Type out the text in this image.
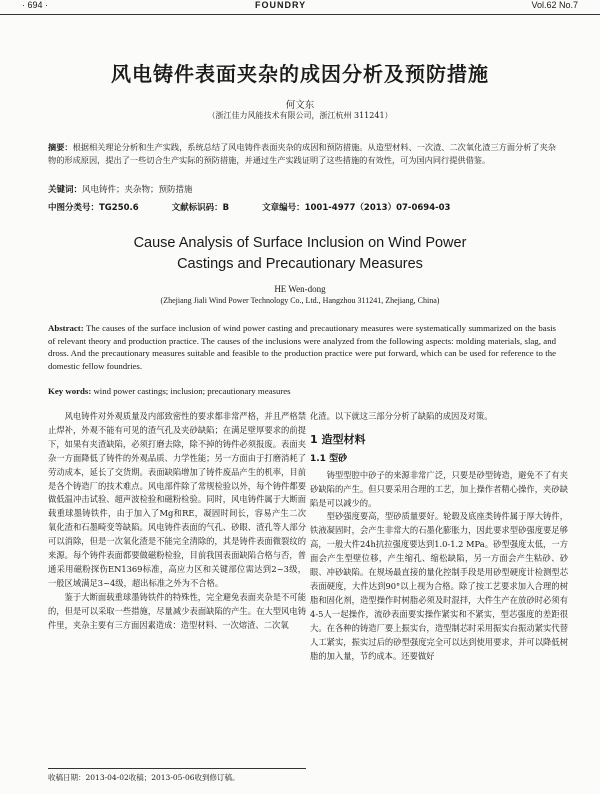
· 694 ·	FOUNDRY	Vol.62 No.7
风电铸件表面夹杂的成因分析及预防措施
何文东
（浙江佳力风能技术有限公司，浙江杭州 311241）
摘要：根据相关理论分析和生产实践，系统总结了风电铸件表面夹杂的成因和预防措施。从造型材料、一次渣、二次氧化渣三方面分析了夹杂物的形成原因，提出了一些切合生产实际的预防措施，并通过生产实践证明了这些措施的有效性，可为国内同行提供借鉴。
关键词：风电铸件；夹杂物；预防措施
中图分类号：TG250.6	文献标识码：B	文章编号：1001-4977（2013）07-0694-03
Cause Analysis of Surface Inclusion on Wind Power
Castings and Precautionary Measures
HE Wen-dong
(Zhejiang Jiali Wind Power Technology Co., Ltd., Hangzhou 311241, Zhejiang, China)
Abstract: The causes of the surface inclusion of wind power casting and precautionary measures were systematically summarized on the basis of relevant theory and production practice. The causes of the inclusions were analyzed from the following aspects: molding materials, slag, and dross. And the precautionary measures suitable and feasible to the production practice were put forward, which can be used for reference to the domestic fellow foundries.
Key words: wind power castings; inclusion; precautionary measures

风电铸件对外观质量及内部致密性的要求都非常严格，并且严格禁止焊补，外观不能有可见的渣气孔及夹砂缺陷；在满足壁厚要求的前提下，如果有夹渣缺陷，必须打磨去除，除不掉的铸件必须报废。表面夹杂一方面降低了铸件的外观品质、力学性能；另一方面由于打磨消耗了劳动成本，延长了交货期。表面缺陷增加了铸件废品产生的机率，目前是各个铸造厂的技术难点。风电部件除了常规检验以外，每个铸件都要做低温冲击试验、超声波检验和磁粉检验。同时，风电铸件属于大断面载重球墨铸铁件，由于加入了Mg和RE，凝固时间长，容易产生二次氧化渣和石墨畸变等缺陷。风电铸件表面的气孔、砂眼、渣孔等人部分可以消除，但是一次氧化渣是不能完全清除的，其是铸件表面微裂纹的来源。每个铸件表面都要做磁粉检验，目前我国表面缺陷合格与否，普通采用磁粉探伤EN1369标准，高应力区和关键部位需达到2~3级，一般区域满足3~4级，超出标准之外为不合格。

鉴于大断面载重球墨铸铁件的特殊性，完全避免表面夹杂是不可能的，但是可以采取一些措施，尽量减少表面缺陷的产生。在大型风电铸件里，夹杂主要有三方面因素造成：造型材料、一次熔渣、二次氧

化渣。以下就这三部分分析了缺陷的成因及对策。

1 造型材料
1.1 型砂

铸型型腔中砂子的来源非常广泛，只要是砂型铸造，避免不了有夹砂缺陷的产生。但只要采用合理的工艺，加上操作者精心操作，夹砂缺陷是可以减少的。

型砂强度要高，型砂质量要好。轮毂及底座类铸件属于厚大铸件，铁液凝固时，会产生非常大的石墨化膨胀力，因此要求型砂强度要足够高，一般大件24h抗拉强度要达到1.0-1.2 MPa。砂型强度太低，一方面会产生型壁位移，产生缩孔、缩松缺陷，另一方面会产生粘砂、砂眼、冲砂缺陷。在规场最直接的量化控制手段是用砂型硬度计检测型芯表面硬度，大件达到90°以上视为合格。除了按工艺要求加入合理的树脂和固化剂，造型操作时树脂必须及时混拌，大件生产在放砂时必须有4-5人一起操作，流砂表面要实操作紧实和不紧实，型芯强度的差距很大。在各种的铸造厂要上振实台，造型制芯时采用振实台振动紧实代替人工紧实，振实过后的砂型强度完全可以达到使用要求，并可以降低树脂的加入量，节约成本。还要做好

收稿日期：2013-04-02收稿；2013-05-06收到修订稿。
